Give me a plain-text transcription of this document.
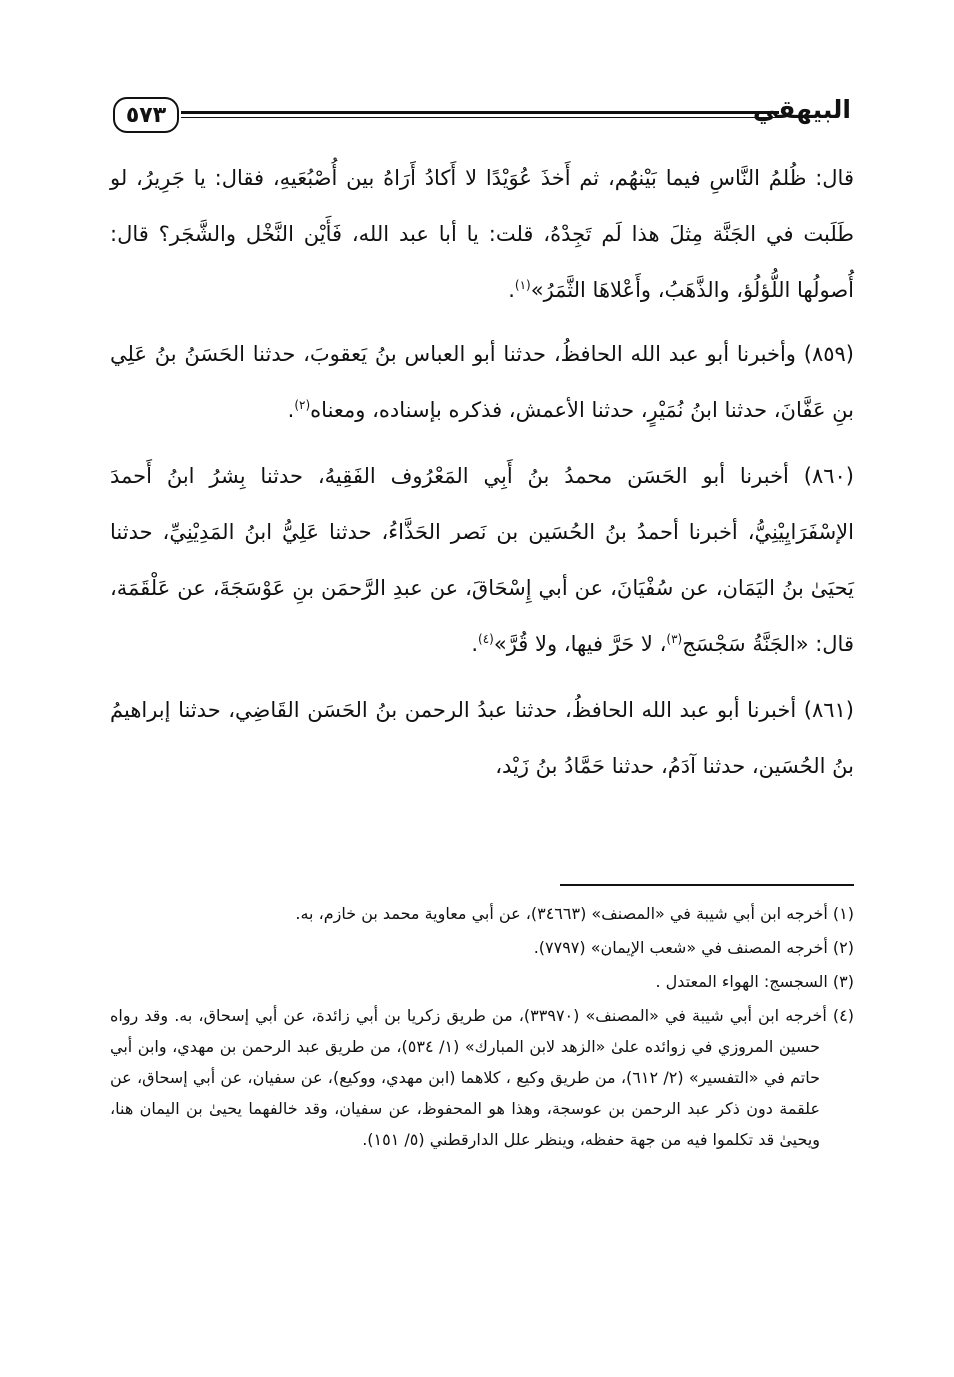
٥٧٣	البيهقي

قال: ظُلمُ النَّاسِ فيما بَيْنهُم، ثم أَخذَ عُوَيْدًا لا أَكادُ أَرَاهُ بين أُصْبُعَيهِ، فقال: يا جَرِيرُ، لو طَلَبت في الجَنَّة مِثلَ هذا لَم تَجِدْهُ، قلت: يا أبا عبد الله، فَأَيْن النَّخْل والشَّجَر؟ قال: أُصولُها اللُّؤلُؤ، والذَّهَبُ، وأَعْلاهَا الثَّمَرُ»$^{(١)}$.

(٨٥٩) وأخبرنا أبو عبد الله الحافظُ، حدثنا أبو العباس بنُ يَعقوبَ، حدثنا الحَسَنُ بنُ عَلِي بنِ عَفَّانَ، حدثنا ابنُ نُمَيْرٍ، حدثنا الأعمش، فذكره بإسناده، ومعناه$^{(٢)}$.

(٨٦٠) أخبرنا أبو الحَسَن محمدُ بنُ أَبِي المَعْرُوف الفَقِيهُ، حدثنا بِشرُ ابنُ أَحمدَ الإسْفَرَايِيْنِيُّ، أخبرنا أحمدُ بنُ الحُسَين بن نَصر الحَذَّاءُ، حدثنا عَلِيُّ ابنُ المَدِيْنِيِّ، حدثنا يَحيَىٰ بنُ اليَمَان، عن سُفْيَانَ، عن أبي إِسْحَاقَ، عن عبدِ الرَّحمَن بنِ عَوْسَجَةَ، عن عَلْقَمَة، قال: «الجَنَّةُ سَجْسَج$^{(٣)}$، لا حَرَّ فيها، ولا قُرَّ»$^{(٤)}$.

(٨٦١) أخبرنا أبو عبد الله الحافظُ، حدثنا عبدُ الرحمن بنُ الحَسَن القَاضِي، حدثنا إبراهيمُ بنُ الحُسَين، حدثنا آدَمُ، حدثنا حَمَّادُ بنُ زَيْد،

(١) أخرجه ابن أبي شيبة في «المصنف» (٣٤٦٦٣)، عن أبي معاوية محمد بن خازم، به.
(٢) أخرجه المصنف في «شعب الإيمان» (٧٧٩٧).
(٣) السجسج: الهواء المعتدل .
(٤) أخرجه ابن أبي شيبة في «المصنف» (٣٣٩٧٠)، من طريق زكريا بن أبي زائدة، عن أبي إسحاق، به. وقد رواه حسين المروزي في زوائده علىٰ «الزهد لابن المبارك» (١/ ٥٣٤)، من طريق عبد الرحمن بن مهدي، وابن أبي حاتم في «التفسير» (٢/ ٦١٢)، من طريق وكيع ، كلاهما (ابن مهدي، ووكيع)، عن سفيان، عن أبي إسحاق، عن علقمة دون ذكر عبد الرحمن بن عوسجة، وهذا هو المحفوظ، عن سفيان، وقد خالفهما يحيىٰ بن اليمان هنا، ويحيىٰ قد تكلموا فيه من جهة حفظه، وينظر علل الدارقطني (٥/ ١٥١).
